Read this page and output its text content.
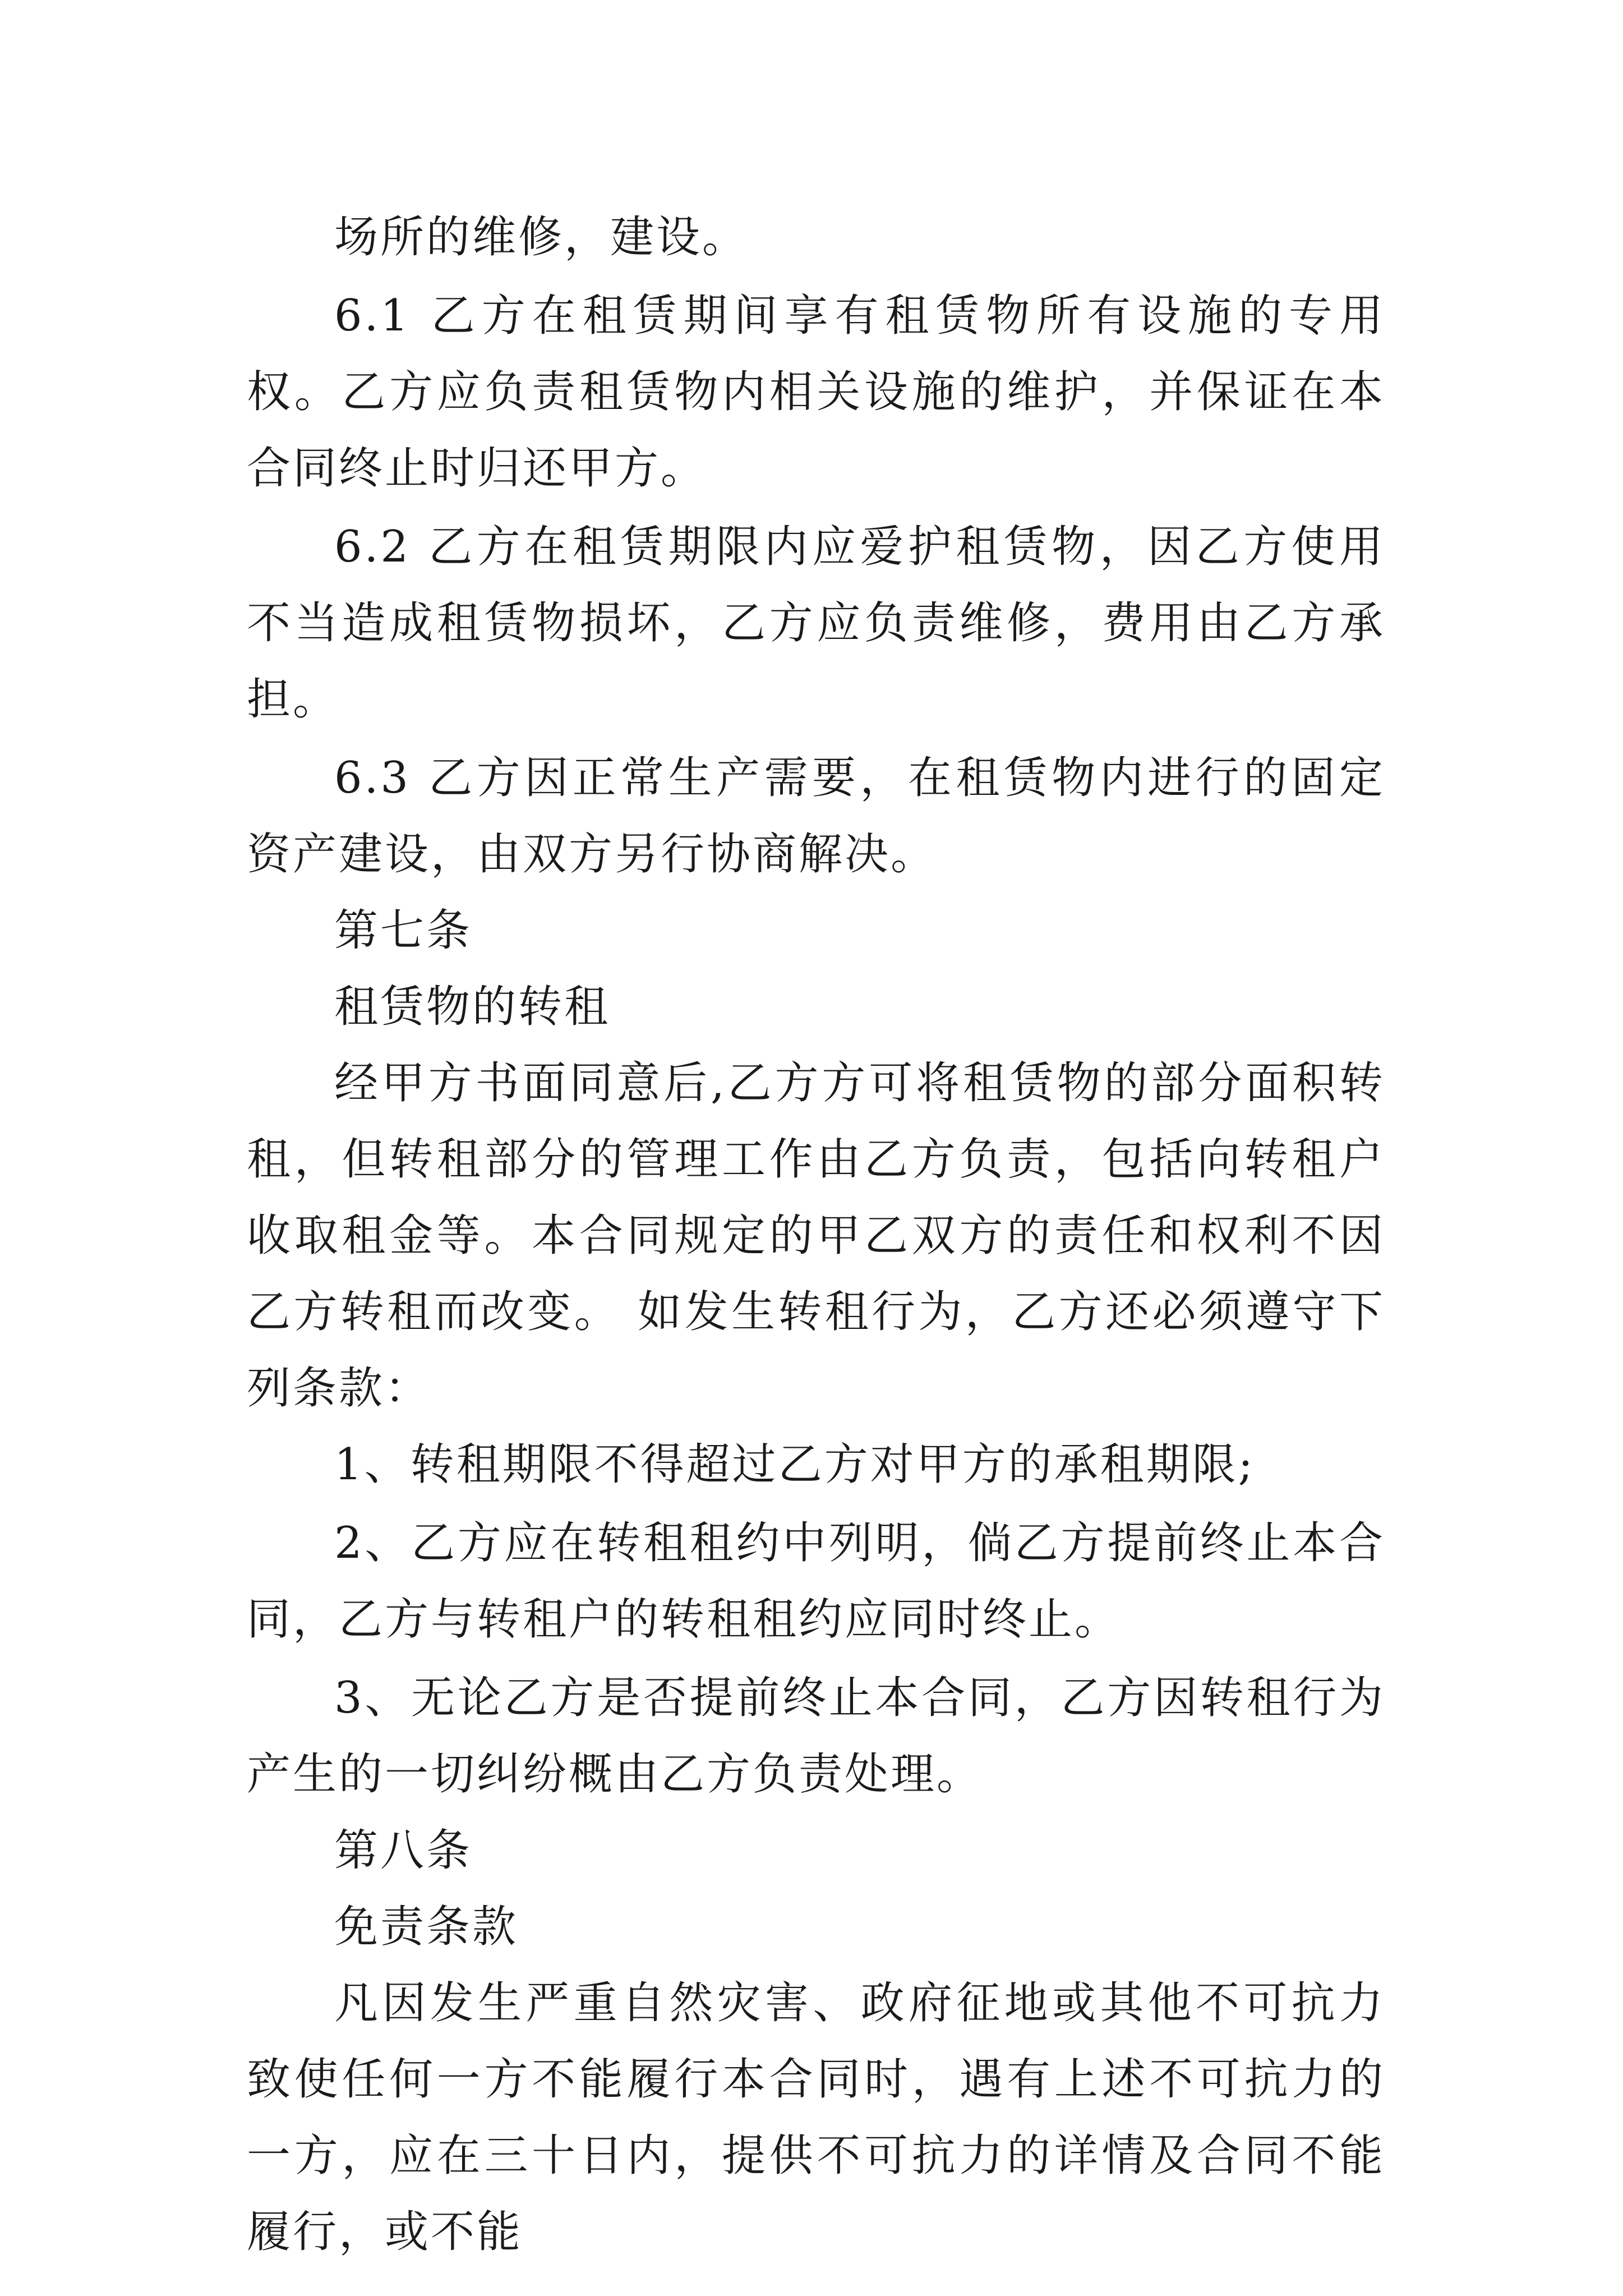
场所的维修，建设。

6.1 乙方在租赁期间享有租赁物所有设施的专用权。乙方应负责租赁物内相关设施的维护，并保证在本合同终止时归还甲方。

6.2 乙方在租赁期限内应爱护租赁物，因乙方使用不当造成租赁物损坏，乙方应负责维修，费用由乙方承担。

6.3 乙方因正常生产需要，在租赁物内进行的固定资产建设，由双方另行协商解决。

第七条

租赁物的转租

经甲方书面同意后,乙方方可将租赁物的部分面积转租，但转租部分的管理工作由乙方负责，包括向转租户收取租金等。本合同规定的甲乙双方的责任和权利不因乙方转租而改变。 如发生转租行为，乙方还必须遵守下列条款：

1、转租期限不得超过乙方对甲方的承租期限;

2、乙方应在转租租约中列明，倘乙方提前终止本合同，乙方与转租户的转租租约应同时终止。

3、无论乙方是否提前终止本合同，乙方因转租行为产生的一切纠纷概由乙方负责处理。

第八条

免责条款

凡因发生严重自然灾害、政府征地或其他不可抗力致使任何一方不能履行本合同时，遇有上述不可抗力的一方，应在三十日内，提供不可抗力的详情及合同不能履行，或不能
